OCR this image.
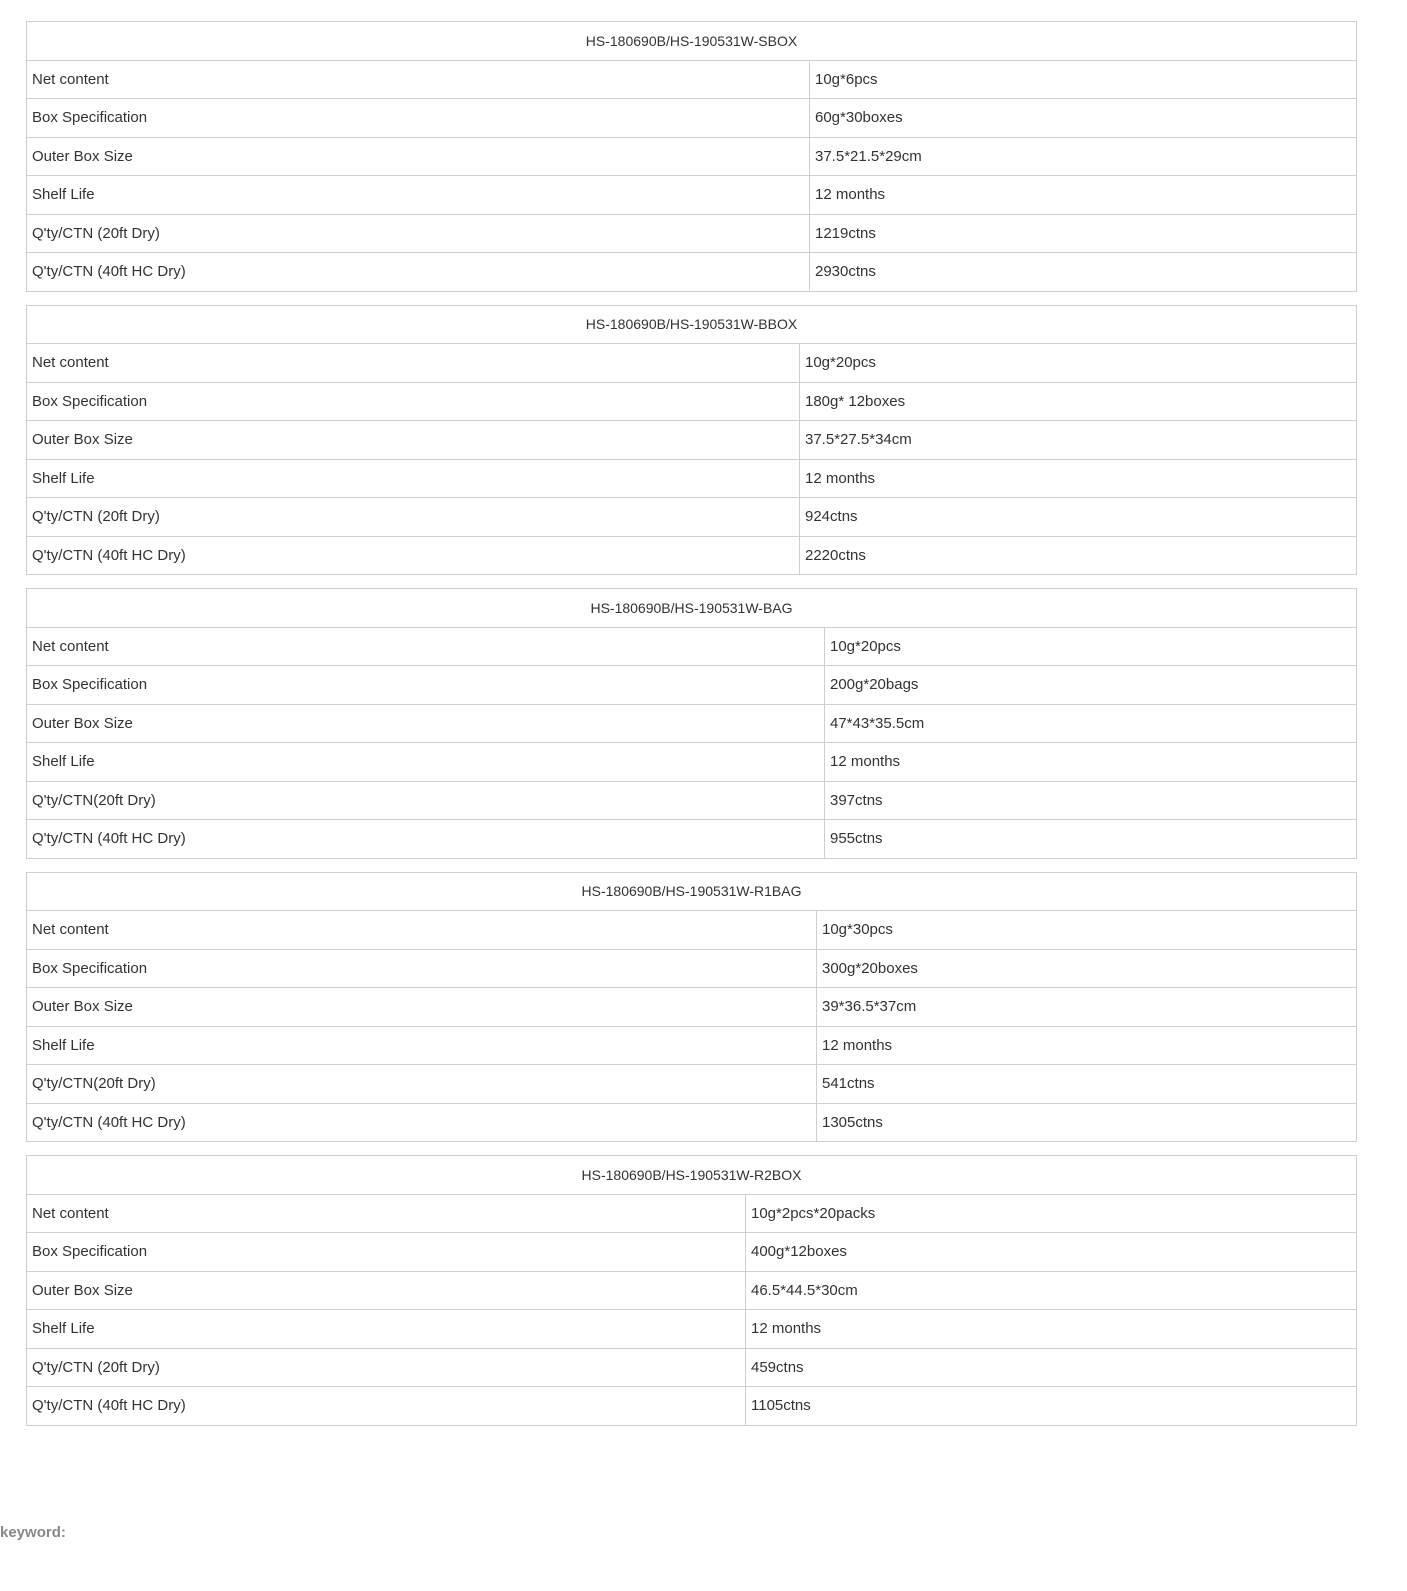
HS-180690B/HS-190531W-SBOX	
Net content	10g*6pcs
Box Specification	60g*30boxes
Outer Box Size	37.5*21.5*29cm
Shelf Life	12 months
Q'ty/CTN (20ft Dry)	1219ctns
Q'ty/CTN (40ft HC Dry)	2930ctns
HS-180690B/HS-190531W-BBOX	
Net content	10g*20pcs
Box Specification	180g* 12boxes
Outer Box Size	37.5*27.5*34cm
Shelf Life	12 months
Q'ty/CTN (20ft Dry)	924ctns
Q'ty/CTN (40ft HC Dry)	2220ctns
HS-180690B/HS-190531W-BAG	
Net content	10g*20pcs
Box Specification	200g*20bags
Outer Box Size	47*43*35.5cm
Shelf Life	12 months
Q'ty/CTN(20ft Dry)	397ctns
Q'ty/CTN (40ft HC Dry)	955ctns
HS-180690B/HS-190531W-R1BAG	
Net content	10g*30pcs
Box Specification	300g*20boxes
Outer Box Size	39*36.5*37cm
Shelf Life	12 months
Q'ty/CTN(20ft Dry)	541ctns
Q'ty/CTN (40ft HC Dry)	1305ctns
HS-180690B/HS-190531W-R2BOX	
Net content	10g*2pcs*20packs
Box Specification	400g*12boxes
Outer Box Size	46.5*44.5*30cm
Shelf Life	12 months
Q'ty/CTN (20ft Dry)	459ctns
Q'ty/CTN (40ft HC Dry)	1105ctns
keyword:
